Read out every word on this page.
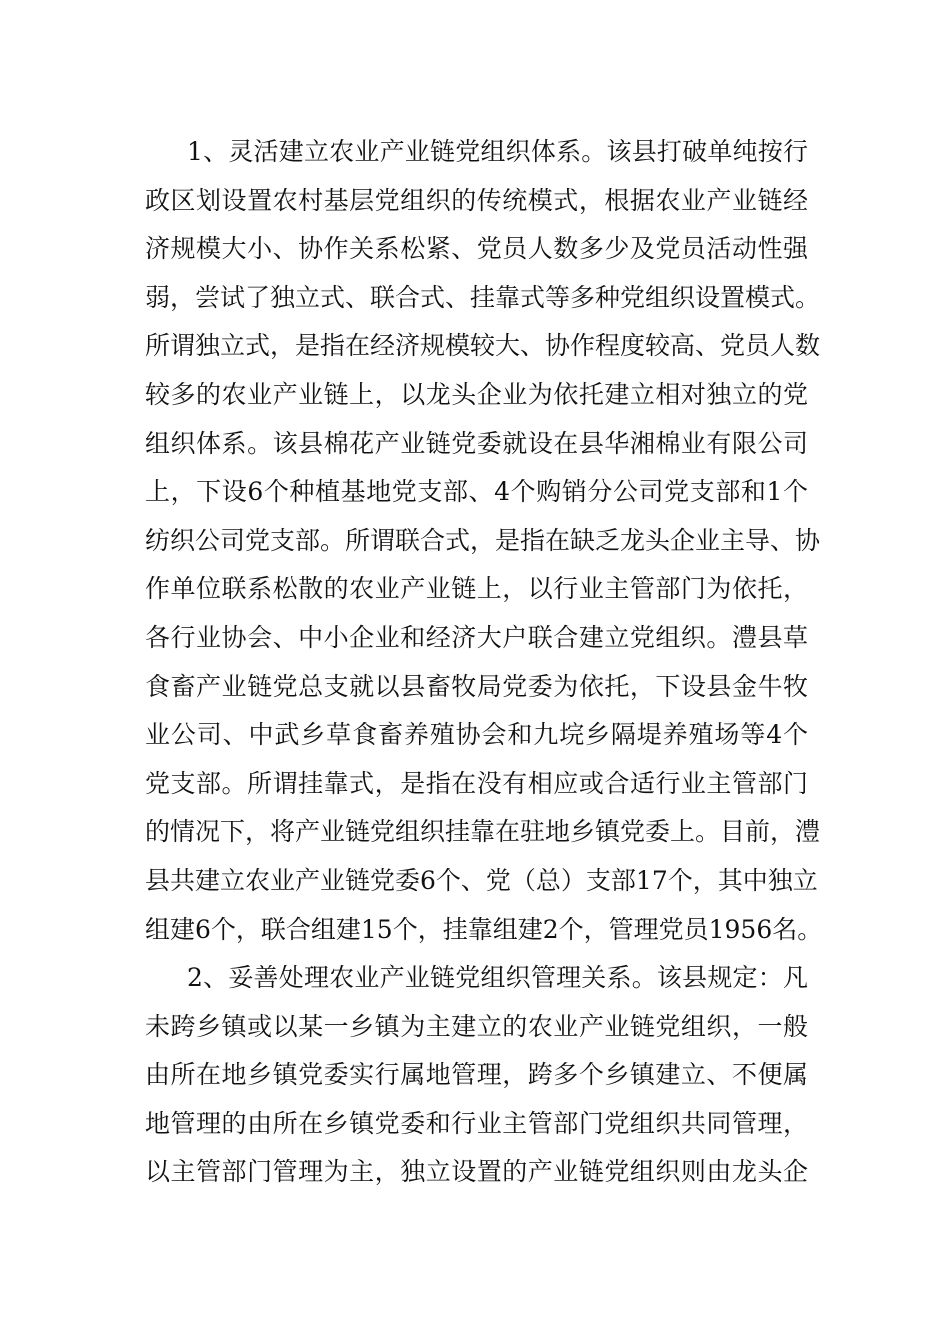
1、灵活建立农业产业链党组织体系。该县打破单纯按行
政区划设置农村基层党组织的传统模式，根据农业产业链经
济规模大小、协作关系松紧、党员人数多少及党员活动性强
弱，尝试了独立式、联合式、挂靠式等多种党组织设置模式。
所谓独立式，是指在经济规模较大、协作程度较高、党员人数
较多的农业产业链上，以龙头企业为依托建立相对独立的党
组织体系。该县棉花产业链党委就设在县华湘棉业有限公司
上，下设6个种植基地党支部、4个购销分公司党支部和1个
纺织公司党支部。所谓联合式，是指在缺乏龙头企业主导、协
作单位联系松散的农业产业链上，以行业主管部门为依托，
各行业协会、中小企业和经济大户联合建立党组织。澧县草
食畜产业链党总支就以县畜牧局党委为依托，下设县金牛牧
业公司、中武乡草食畜养殖协会和九垸乡隔堤养殖场等4个
党支部。所谓挂靠式，是指在没有相应或合适行业主管部门
的情况下，将产业链党组织挂靠在驻地乡镇党委上。目前，澧
县共建立农业产业链党委6个、党（总）支部17个，其中独立
组建6个，联合组建15个，挂靠组建2个，管理党员1956名。
2、妥善处理农业产业链党组织管理关系。该县规定：凡
未跨乡镇或以某一乡镇为主建立的农业产业链党组织，一般
由所在地乡镇党委实行属地管理，跨多个乡镇建立、不便属
地管理的由所在乡镇党委和行业主管部门党组织共同管理，
以主管部门管理为主，独立设置的产业链党组织则由龙头企
